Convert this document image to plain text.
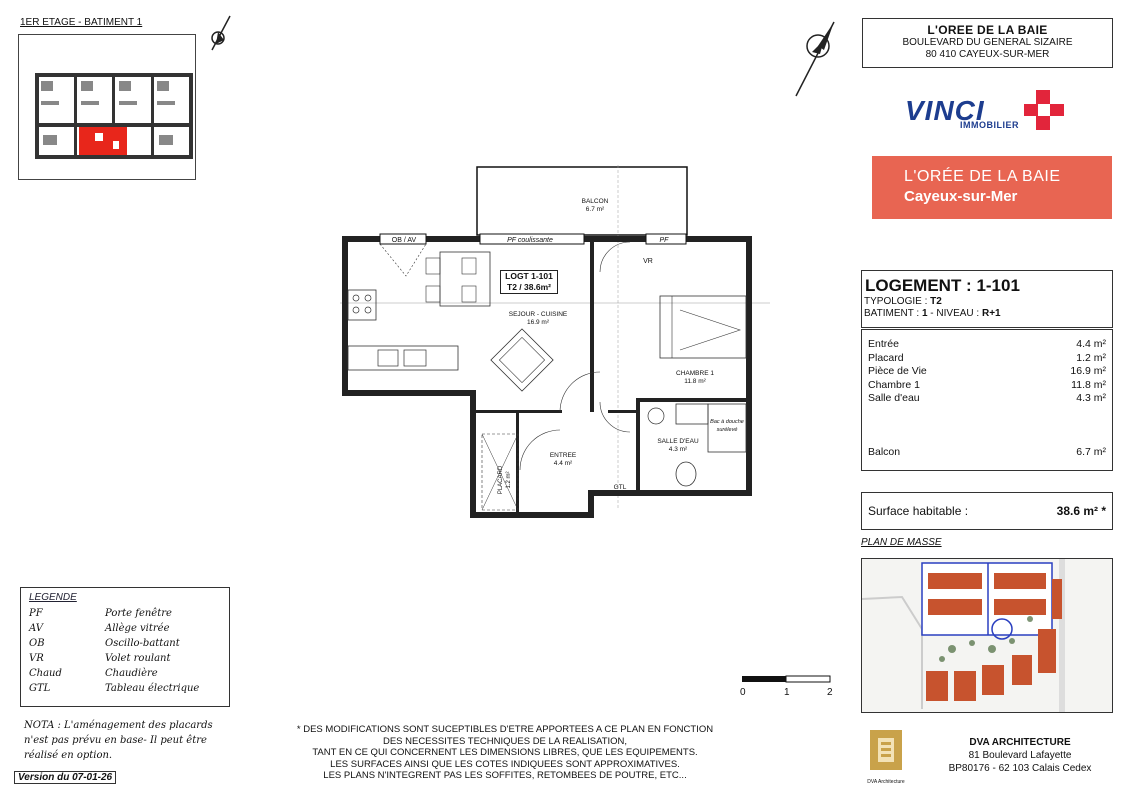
1ER ETAGE - BATIMENT 1
L'OREE DE LA BAIE
BOULEVARD DU GENERAL SIZAIRE
80 410 CAYEUX-SUR-MER
VINCI
IMMOBILIER
L'ORÉE DE LA BAIE
Cayeux-sur-Mer
LOGEMENT : 1-101
TYPOLOGIE : T2
BATIMENT : 1 - NIVEAU : R+1
Entrée	4.4 m²
Placard	1.2 m²
Pièce de Vie	16.9 m²
Chambre 1	11.8 m²
Salle d'eau	4.3 m²
Balcon	6.7 m²
Surface habitable :	38.6 m² *
PLAN DE MASSE
DVA Architecture
DVA ARCHITECTURE
81 Boulevard Lafayette
BP80176 - 62 103 Calais Cedex
LEGENDE
PF	Porte fenêtre
AV	Allège vitrée
OB	Oscillo-battant
VR	Volet roulant
Chaud	Chaudière
GTL	Tableau électrique
NOTA : L'aménagement des placards n'est pas prévu en base- Il peut être réalisé en option.
Version du 07-01-26
* DES MODIFICATIONS SONT SUCEPTIBLES D'ETRE APPORTEES A CE PLAN EN FONCTION
DES NECESSITES TECHNIQUES DE LA REALISATION,
TANT EN CE QUI CONCERNENT LES DIMENSIONS LIBRES, QUE LES EQUIPEMENTS.
LES SURFACES AINSI QUE LES COTES INDIQUEES SONT APPROXIMATIVES.
LES PLANS N'INTEGRENT PAS LES SOFFITES, RETOMBEES DE POUTRE, ETC...
0	1	2
BALCON
6.7 m²
OB / AV	PF coulissante	PF
VR
LOGT 1-101
T2 / 38.6m²
SEJOUR - CUISINE
16.9 m²
CHAMBRE 1
11.8 m²
SALLE D'EAU
4.3 m²
ENTREE
4.4 m²
PLACARD 1.2 m²
Bac à douche surélevé
GTL
